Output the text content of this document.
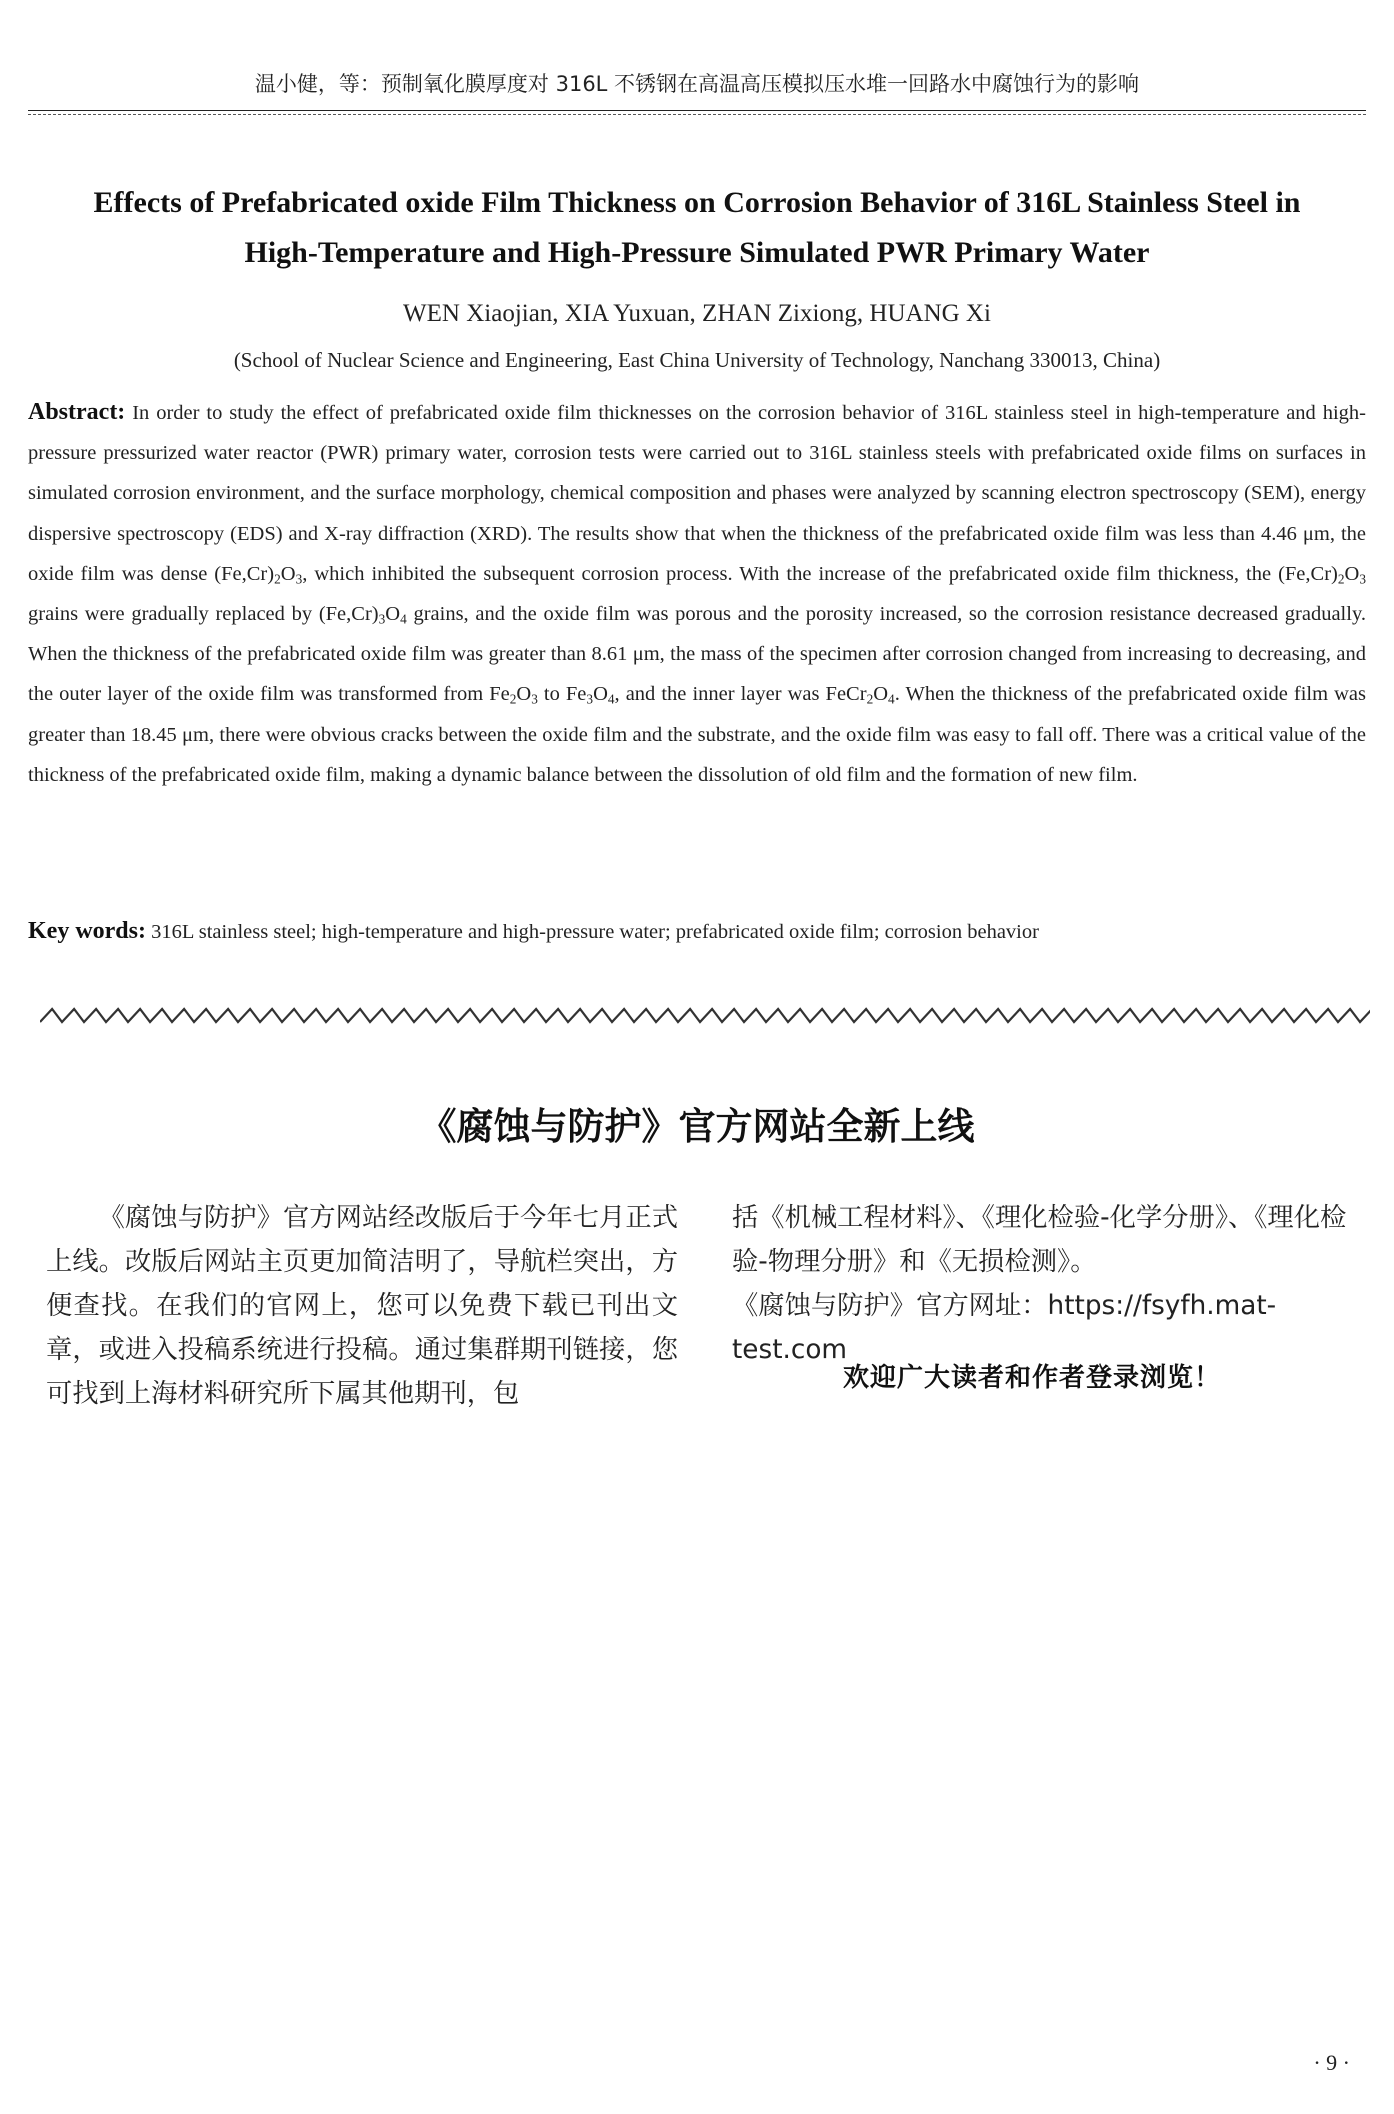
温小健，等：预制氧化膜厚度对 316L 不锈钢在高温高压模拟压水堆一回路水中腐蚀行为的影响
Effects of Prefabricated oxide Film Thickness on Corrosion Behavior of 316L Stainless Steel in
High-Temperature and High-Pressure Simulated PWR Primary Water
WEN Xiaojian, XIA Yuxuan, ZHAN Zixiong, HUANG Xi
(School of Nuclear Science and Engineering, East China University of Technology, Nanchang 330013, China)
Abstract: In order to study the effect of prefabricated oxide film thicknesses on the corrosion behavior of 316L stainless steel in high-temperature and high-pressure pressurized water reactor (PWR) primary water, corrosion tests were carried out to 316L stainless steels with prefabricated oxide films on surfaces in simulated corrosion environment, and the surface morphology, chemical composition and phases were analyzed by scanning electron spectroscopy (SEM), energy dispersive spectroscopy (EDS) and X-ray diffraction (XRD). The results show that when the thickness of the prefabricated oxide film was less than 4.46 μm, the oxide film was dense $(Fe,Cr)_2O_3$, which inhibited the subsequent corrosion process. With the increase of the prefabricated oxide film thickness, the $(Fe,Cr)_2O_3$ grains were gradually replaced by $(Fe,Cr)_3O_4$ grains, and the oxide film was porous and the porosity increased, so the corrosion resistance decreased gradually. When the thickness of the prefabricated oxide film was greater than 8.61 μm, the mass of the specimen after corrosion changed from increasing to decreasing, and the outer layer of the oxide film was transformed from $Fe_2O_3$ to $Fe_3O_4$, and the inner layer was $FeCr_2O_4$. When the thickness of the prefabricated oxide film was greater than 18.45 μm, there were obvious cracks between the oxide film and the substrate, and the oxide film was easy to fall off. There was a critical value of the thickness of the prefabricated oxide film, making a dynamic balance between the dissolution of old film and the formation of new film.
Key words: 316L stainless steel; high-temperature and high-pressure water; prefabricated oxide film; corrosion behavior
《腐蚀与防护》官方网站全新上线
《腐蚀与防护》官方网站经改版后于今年七月正式上线。改版后网站主页更加简洁明了，导航栏突出，方便查找。在我们的官网上，您可以免费下载已刊出文章，或进入投稿系统进行投稿。通过集群期刊链接，您可找到上海材料研究所下属其他期刊，包

括《机械工程材料》、《理化检验-化学分册》、《理化检验-物理分册》和《无损检测》。

《腐蚀与防护》官方网址：https://fsyfh.mat-test.com

欢迎广大读者和作者登录浏览！
· 9 ·
